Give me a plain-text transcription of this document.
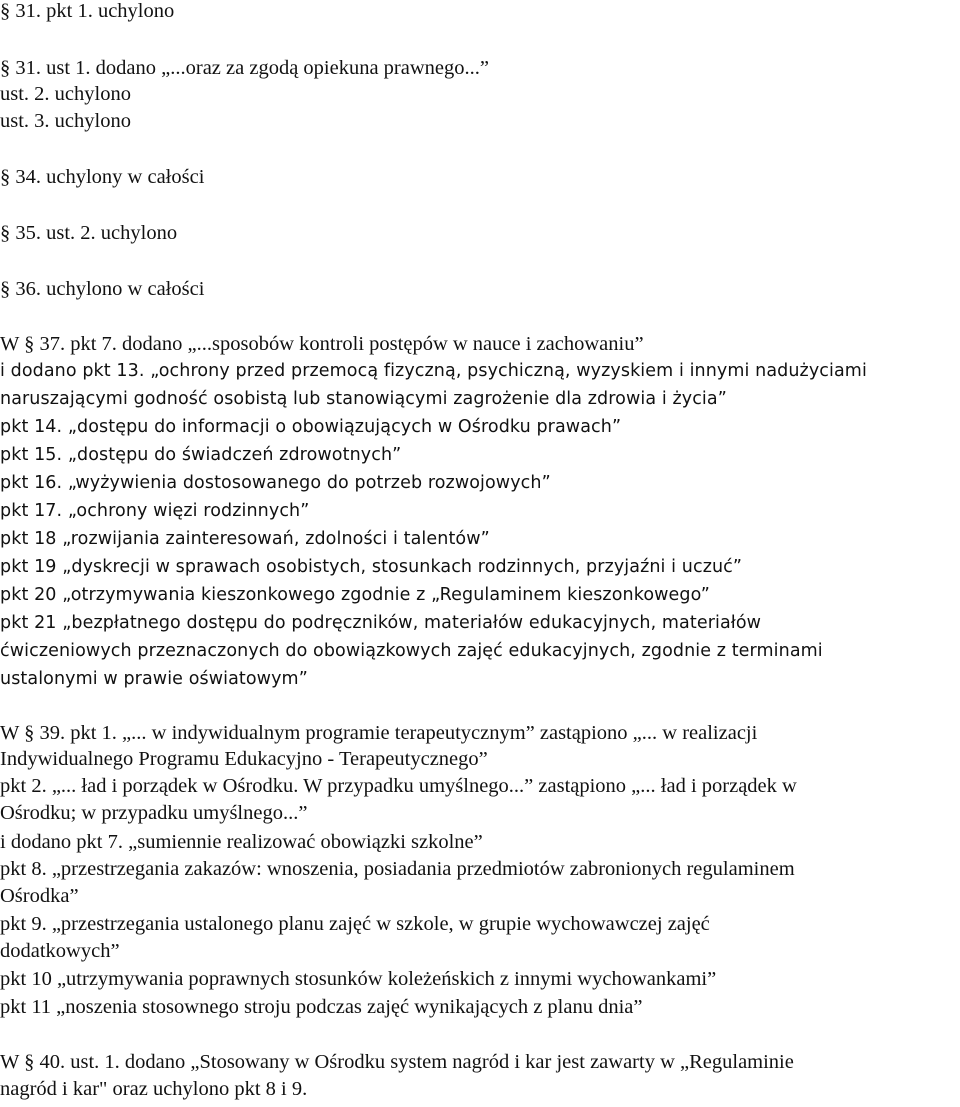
§ 31. pkt 1. uchylono

§ 31. ust 1. dodano „...oraz za zgodą opiekuna prawnego...”

ust. 2. uchylono

ust. 3. uchylono

§ 34. uchylony w całości

§ 35. ust. 2. uchylono

§ 36. uchylono w całości

W § 37. pkt 7. dodano „...sposobów kontroli postępów w nauce i zachowaniu”

i dodano pkt 13. „ochrony przed przemocą fizyczną, psychiczną, wyzyskiem i innymi nadużyciami

naruszającymi godność osobistą lub stanowiącymi zagrożenie dla zdrowia i życia”

pkt 14. „dostępu do informacji o obowiązujących w Ośrodku prawach”

pkt 15. „dostępu do świadczeń zdrowotnych”

pkt 16. „wyżywienia dostosowanego do potrzeb rozwojowych”

pkt 17. „ochrony więzi rodzinnych”

pkt 18 „rozwijania zainteresowań, zdolności i talentów”

pkt 19 „dyskrecji w sprawach osobistych, stosunkach rodzinnych, przyjaźni i uczuć”

pkt 20 „otrzymywania kieszonkowego zgodnie z „Regulaminem kieszonkowego”

pkt 21 „bezpłatnego dostępu do podręczników, materiałów edukacyjnych, materiałów

ćwiczeniowych przeznaczonych do obowiązkowych zajęć edukacyjnych, zgodnie z terminami

ustalonymi w prawie oświatowym”

W § 39. pkt 1. „... w indywidualnym programie terapeutycznym” zastąpiono „... w realizacji

Indywidualnego Programu Edukacyjno - Terapeutycznego”

pkt 2. „... ład i porządek w Ośrodku. W przypadku umyślnego...” zastąpiono „... ład i porządek w

Ośrodku; w przypadku umyślnego...”

i dodano pkt 7. „sumiennie realizować obowiązki szkolne”

pkt 8. „przestrzegania zakazów: wnoszenia, posiadania przedmiotów zabronionych regulaminem

Ośrodka”

pkt 9. „przestrzegania ustalonego planu zajęć w szkole, w grupie wychowawczej zajęć

dodatkowych”

pkt 10 „utrzymywania poprawnych stosunków koleżeńskich z innymi wychowankami”

pkt 11 „noszenia stosownego stroju podczas zajęć wynikających z planu dnia”

W § 40. ust. 1. dodano „Stosowany w Ośrodku system nagród i kar jest zawarty w „Regulaminie

nagród i kar" oraz uchylono pkt 8 i 9.
